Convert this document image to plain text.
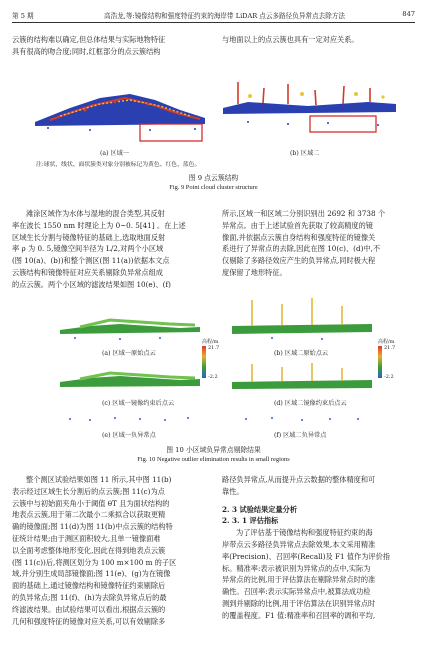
第 5 期	高浩龙,等:镜像结构和强度特征约束的海岸带 LiDAR 点云多路径负异常点去除方法	847

云簇的结构难以确定,但总体结果与实际地物特征

具有很高的吻合度;同时,红框部分的点云簇结构

与地面以上的点云簇也具有一定对应关系。

(a) 区域一	(b) 区域二
注:球状、线状、面状簇类对象分别被标记为黄色、红色、蓝色。
图 9 点云簇结构
Fig. 9 Point cloud cluster structure

滩涂区域作为水体与湿地的混合类型,其反射

率在波长 1550 nm 时理论上为 0~0. 5[41] 。在上述

区域生长分割与镜像特征的基础上,选取地面反射

率 ρ 为 0. 5,镜像空间半径为 L/2,对两个小区域

(图 10(a)、(b))和整个测区(图 11(a))依据本文点

云簇结构和镜像特征对应关系剔除负异常点组成

的点云簇。两个小区域的滤波结果如图 10(e)、(f)

所示,区域一和区域二分别识别出 2692 和 3738 个

异常点。由于上述试验首先获取了较高精度的镜

像面,并依据点云簇自身结构和强度特征的镜像关

系进行了异常点的去除,因此在图 10(c)、(d)中,不

仅剔除了多路径效应产生的负异常点,同时极大程

度保留了地形特征。

(a) 区域一原始点云	(b) 区域二原始点云
(c) 区域一镜像约束后点云	(d) 区域二镜像约束后点云
(e) 区域一负异常点	(f) 区域二负异常点
高程/m
21.7
-2.2
高程/m
21.7
-2.2
图 10 小区域负异常点剔除结果
Fig. 10 Negative outlier elimination results in small regions

整个测区试验结果如图 11 所示,其中图 11(b)

表示经过区域生长分割后的点云簇;图 11(c)为点

云簇中与初始面夹角小于阈值 θT 且为面状结构的

地表点云簇,用于第二次最小二乘拟合以获取更精

确的镜像面;图 11(d)为图 11(b)中点云簇的结构特

征统计结果;由于测区面积较大,且单一镜像面难

以全面考虑整体地形变化,因此在得到地表点云簇

(图 11(c))后,将测区划分为 100 m×100 m 的子区

域,并分别生成局部镜像面;图 11(e)、(g)为在镜像

面的基础上,通过镜像结构和镜像特征约束剔除后

的负异常点;图 11(f)、(h)为去除负异常点后的最

终滤波结果。由试验结果可以看出,根据点云簇的

几何和强度特征的镜像对应关系,可以有效剔除多

路径负异常点,从而提升点云数据的整体精度和可

靠性。

2. 3 试验结果定量分析

2. 3. 1 评估指标

为了评估基于镜像结构和强度特征约束的海

岸带点云多路径负异常点去除效果,本文采用精准

率(Precision)、召回率(Recall)及 F1 值作为评价指

标。精准率:表示被识别为异常点的点中,实际为

异常点的比例,用于评估算法在剔除异常点时的准

确性。召回率:表示实际异常点中,被算法成功检

测到并剔除的比例,用于评估算法在识别异常点时

的覆盖程度。F1 值:精准率和召回率的调和平均,
